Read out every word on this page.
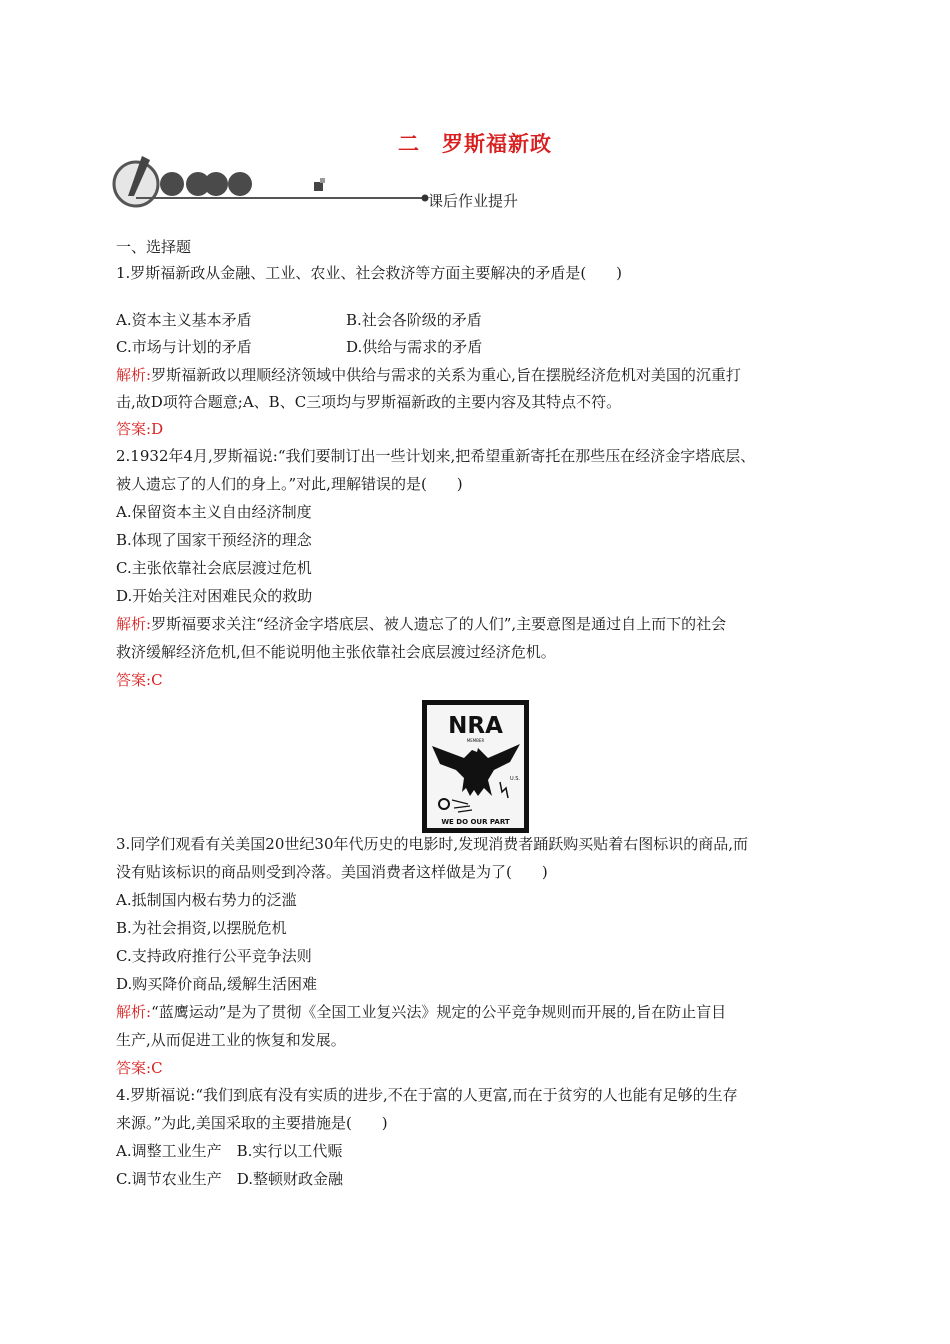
二　罗斯福新政
课后作业提升
一、选择题
1.罗斯福新政从金融、工业、农业、社会救济等方面主要解决的矛盾是(　　)
A.资本主义基本矛盾	B.社会各阶级的矛盾
C.市场与计划的矛盾	D.供给与需求的矛盾
解析:罗斯福新政以理顺经济领域中供给与需求的关系为重心,旨在摆脱经济危机对美国的沉重打
击,故D项符合题意;A、B、C三项均与罗斯福新政的主要内容及其特点不符。
答案:D
2.1932年4月,罗斯福说:“我们要制订出一些计划来,把希望重新寄托在那些压在经济金字塔底层、
被人遗忘了的人们的身上。”对此,理解错误的是(　　)
A.保留资本主义自由经济制度
B.体现了国家干预经济的理念
C.主张依靠社会底层渡过危机
D.开始关注对困难民众的救助
解析:罗斯福要求关注“经济金字塔底层、被人遗忘了的人们”,主要意图是通过自上而下的社会
救济缓解经济危机,但不能说明他主张依靠社会底层渡过经济危机。
答案:C
NRA
MEMBER
U.S.
WE DO OUR PART
3.同学们观看有关美国20世纪30年代历史的电影时,发现消费者踊跃购买贴着右图标识的商品,而
没有贴该标识的商品则受到冷落。美国消费者这样做是为了(　　)
A.抵制国内极右势力的泛滥
B.为社会捐资,以摆脱危机
C.支持政府推行公平竞争法则
D.购买降价商品,缓解生活困难
解析:“蓝鹰运动”是为了贯彻《全国工业复兴法》规定的公平竞争规则而开展的,旨在防止盲目
生产,从而促进工业的恢复和发展。
答案:C
4.罗斯福说:“我们到底有没有实质的进步,不在于富的人更富,而在于贫穷的人也能有足够的生存
来源。”为此,美国采取的主要措施是(　　)
A.调整工业生产　B.实行以工代赈
C.调节农业生产　D.整顿财政金融
